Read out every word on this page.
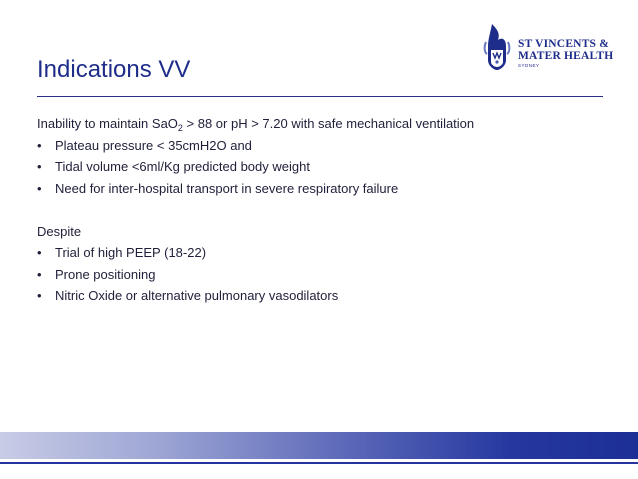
Indications VV
ST VINCENTS &
MATER HEALTH
SYDNEY
Inability to maintain SaO$_2$ > 88 or pH > 7.20 with safe mechanical ventilation
•	Plateau pressure < 35cmH2O and
•	Tidal volume <6ml/Kg predicted body weight
•	Need for inter-hospital transport in severe respiratory failure
Despite
•	Trial of high PEEP (18-22)
•	Prone positioning
•	Nitric Oxide or alternative pulmonary vasodilators
